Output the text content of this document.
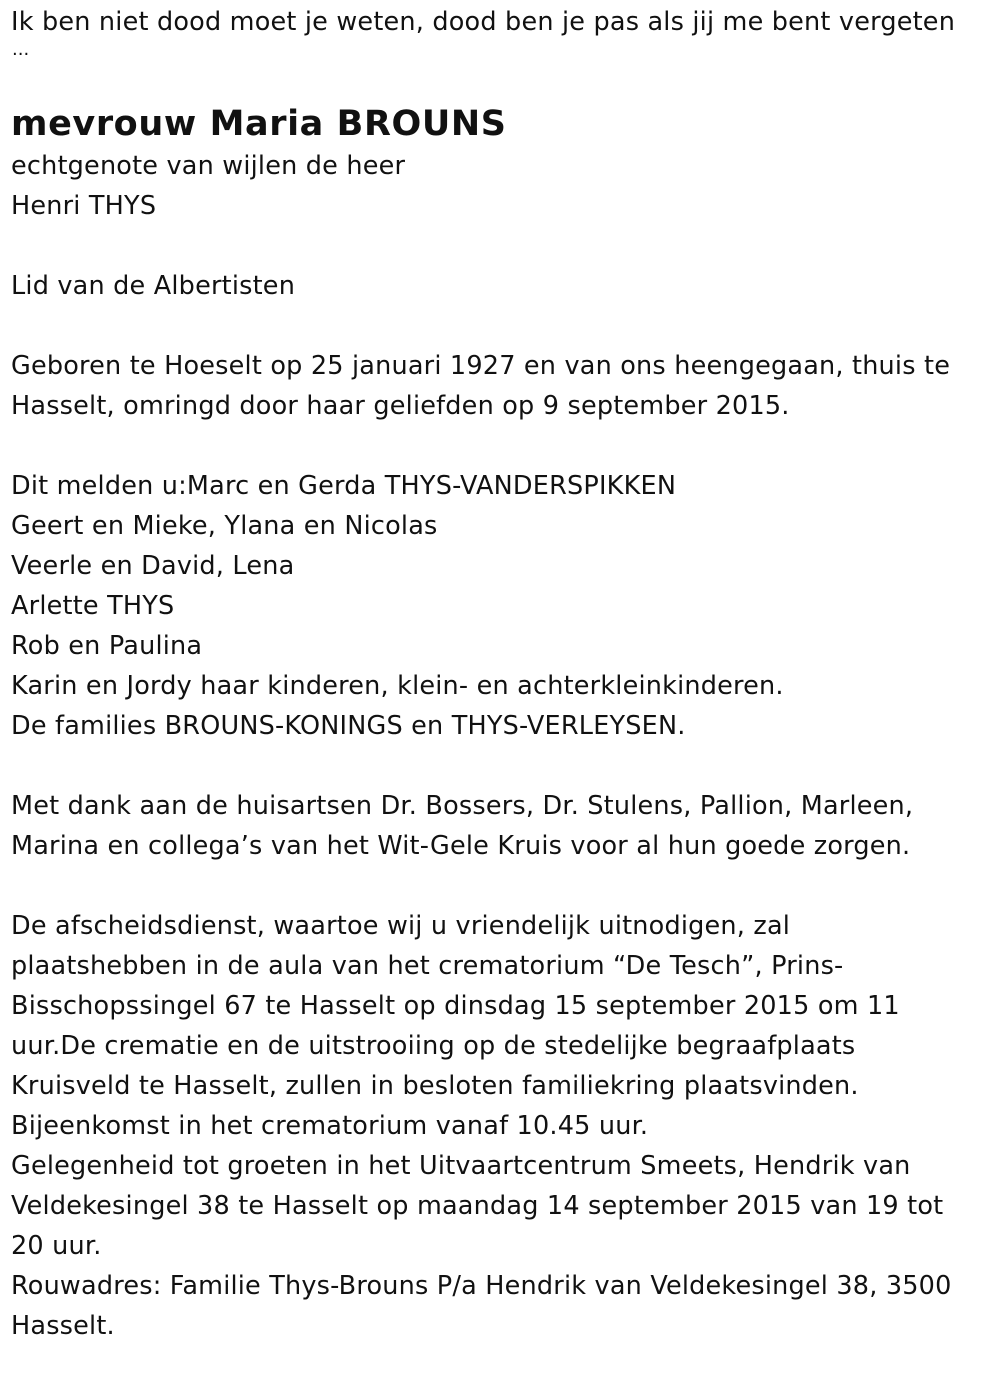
Ik ben niet dood moet je weten, dood ben je pas als jij me bent vergeten
...
mevrouw Maria BROUNS
echtgenote van wijlen de heer
Henri THYS
Lid van de Albertisten
Geboren te Hoeselt op 25 januari 1927 en van ons heengegaan, thuis te
Hasselt, omringd door haar geliefden op 9 september 2015.
Dit melden u:Marc en Gerda THYS-VANDERSPIKKEN
Geert en Mieke, Ylana en Nicolas
Veerle en David, Lena
Arlette THYS
Rob en Paulina
Karin en Jordy haar kinderen, klein- en achterkleinkinderen.
De families BROUNS-KONINGS en THYS-VERLEYSEN.
Met dank aan de huisartsen Dr. Bossers, Dr. Stulens, Pallion, Marleen,
Marina en collega’s van het Wit-Gele Kruis voor al hun goede zorgen.
De afscheidsdienst, waartoe wij u vriendelijk uitnodigen, zal
plaatshebben in de aula van het crematorium “De Tesch”, Prins-
Bisschopssingel 67 te Hasselt op dinsdag 15 september 2015 om 11
uur.De crematie en de uitstrooiing op de stedelijke begraafplaats
Kruisveld te Hasselt, zullen in besloten familiekring plaatsvinden.
Bijeenkomst in het crematorium vanaf 10.45 uur.
Gelegenheid tot groeten in het Uitvaartcentrum Smeets, Hendrik van
Veldekesingel 38 te Hasselt op maandag 14 september 2015 van 19 tot
20 uur.
Rouwadres: Familie Thys-Brouns P/a Hendrik van Veldekesingel 38, 3500
Hasselt.
